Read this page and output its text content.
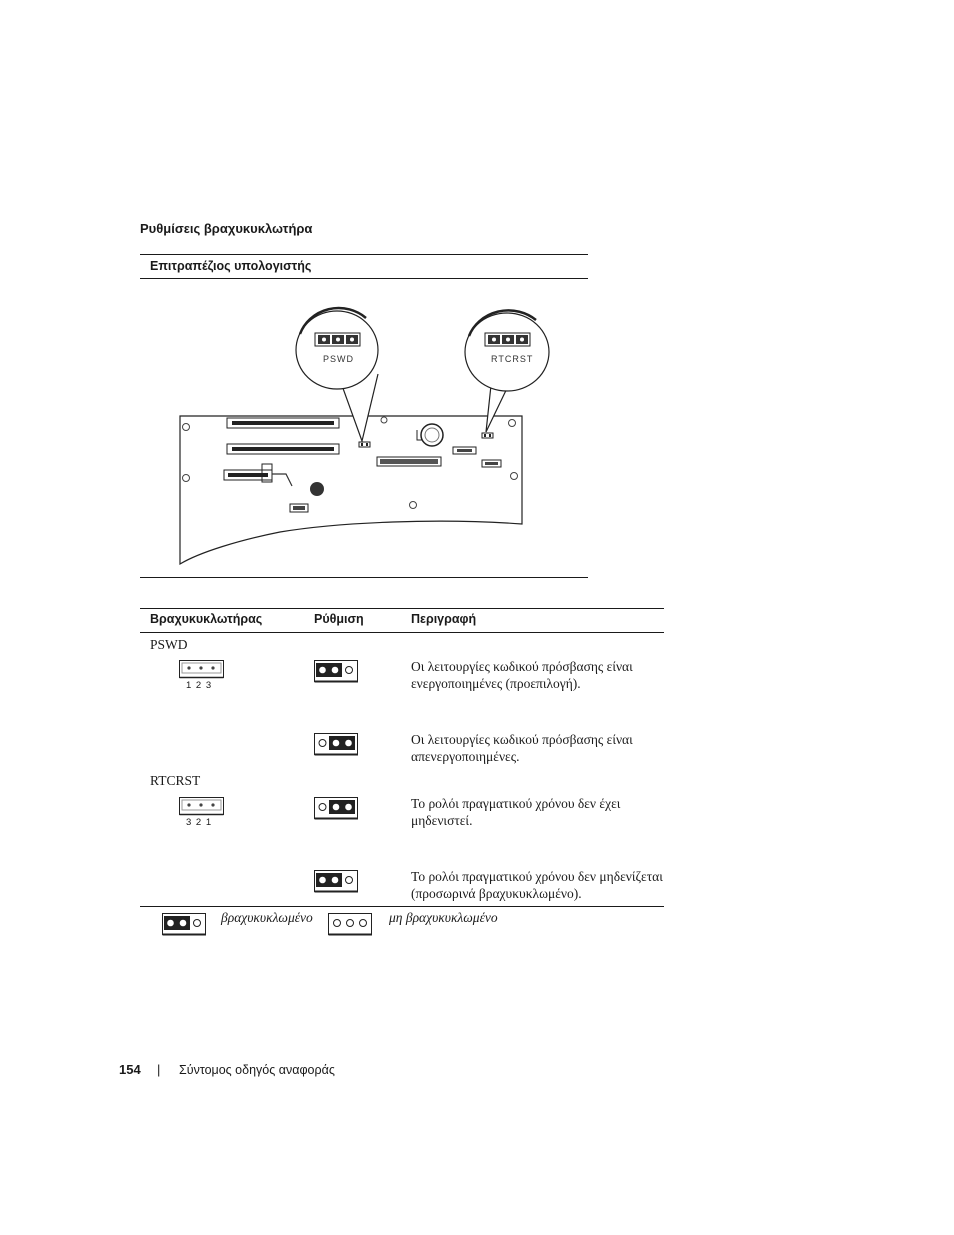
Ρυθμίσεις βραχυκυκλωτήρα
Επιτραπέζιος υπολογιστής
PSWD	RTCRST
Βραχυκυκλωτήρας	Ρύθμιση	Περιγραφή
PSWD
1 2 3
Οι λειτουργίες κωδικού πρόσβασης είναι ενεργοποιημένες (προεπιλογή).
Οι λειτουργίες κωδικού πρόσβασης είναι απενεργοποιημένες.
RTCRST
3 2 1
Το ρολόι πραγματικού χρόνου δεν έχει μηδενιστεί.
Το ρολόι πραγματικού χρόνου δεν μηδενίζεται (προσωρινά βραχυκυκλωμένο).
βραχυκυκλωμένο	μη βραχυκυκλωμένο
154 | Σύντομος οδηγός αναφοράς
